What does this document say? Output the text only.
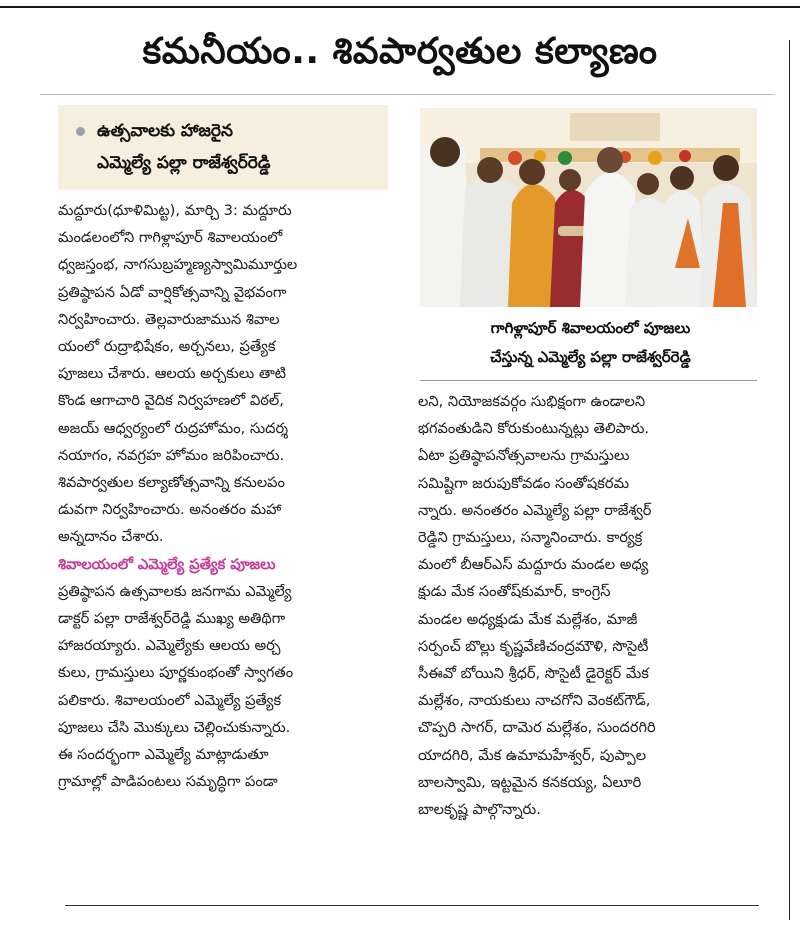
కమనీయం.. శివపార్వతుల కల్యాణం
ఉత్సవాలకు హాజరైన
ఎమ్మెల్యే పల్లా రాజేశ్వర్‌రెడ్డి

మద్దూరు(ధూళిమిట్ట), మార్చి 3: మద్దూరు

మండలంలోని గాగిళ్లాపూర్ శివాలయంలో

ధ్వజస్తంభ, నాగసుబ్రహ్మణ్యస్వామిమూర్తుల

ప్రతిష్ఠాపన ఏడో వార్షికోత్సవాన్ని వైభవంగా

నిర్వహించారు. తెల్లవారుజామున శివాల

యంలో రుద్రాభిషేకం, అర్చనలు, ప్రత్యేక

పూజలు చేశారు. ఆలయ అర్చకులు తాటి

కొండ ఆగాచారి వైదిక నిర్వహణలో విఠల్,

అజయ్ ఆధ్వర్యంలో రుద్రహోమం, సుదర్శ

నయాగం, నవగ్రహ హోమం జరిపించారు.

శివపార్వతుల కల్యాణోత్సవాన్ని కనులపం

డువగా నిర్వహించారు. అనంతరం మహా

అన్నదానం చేశారు.

శివాలయంలో ఎమ్మెల్యే ప్రత్యేక పూజలు

ప్రతిష్ఠాపన ఉత్సవాలకు జనగామ ఎమ్మెల్యే

డాక్టర్ పల్లా రాజేశ్వర్‌రెడ్డి ముఖ్య అతిథిగా

హాజరయ్యారు. ఎమ్మెల్యేకు ఆలయ అర్చ

కులు, గ్రామస్తులు పూర్ణకుంభంతో స్వాగతం

పలికారు. శివాలయంలో ఎమ్మెల్యే ప్రత్యేక

పూజలు చేసి మొక్కులు చెల్లించుకున్నారు.

ఈ సందర్భంగా ఎమ్మెల్యే మాట్లాడుతూ

గ్రామాల్లో పాడిపంటలు సమృద్ధిగా పండా

గాగిళ్లాపూర్ శివాలయంలో పూజలు
చేస్తున్న ఎమ్మెల్యే పల్లా రాజేశ్వర్‌రెడ్డి

లని, నియోజకవర్గం సుభిక్షంగా ఉండాలని

భగవంతుడిని కోరుకుంటున్నట్లు తెలిపారు.

ఏటా ప్రతిష్ఠాపనోత్సవాలను గ్రామస్తులు

సమిష్టిగా జరుపుకోవడం సంతోషకరమ

న్నారు. అనంతరం ఎమ్మెల్యే పల్లా రాజేశ్వర్

రెడ్డిని గ్రామస్తులు, సన్మానించారు. కార్యక్ర

మంలో బీఆర్ఎస్ మద్దూరు మండల అధ్య

క్షుడు మేక సంతోష్‌కుమార్, కాంగ్రెస్

మండల అధ్యక్షుడు మేక మల్లేశం, మాజీ

సర్పంచ్ బొల్లు కృష్ణవేణిచంద్రమౌళి, సొసైటీ

సీఈవో బోయిని శ్రీధర్, సొసైటీ డైరెక్టర్ మేక

మల్లేశం, నాయకులు నాచగోని వెంకట్‌గౌడ్,

చొప్పరి సాగర్, దామెర మల్లేశం, సుందరగిరి

యాదగిరి, మేక ఉమామహేశ్వర్, పుప్పాల

బాలస్వామి, ఇట్టమైన కనకయ్య, ఏలూరి

బాలకృష్ణ పాల్గొన్నారు.
